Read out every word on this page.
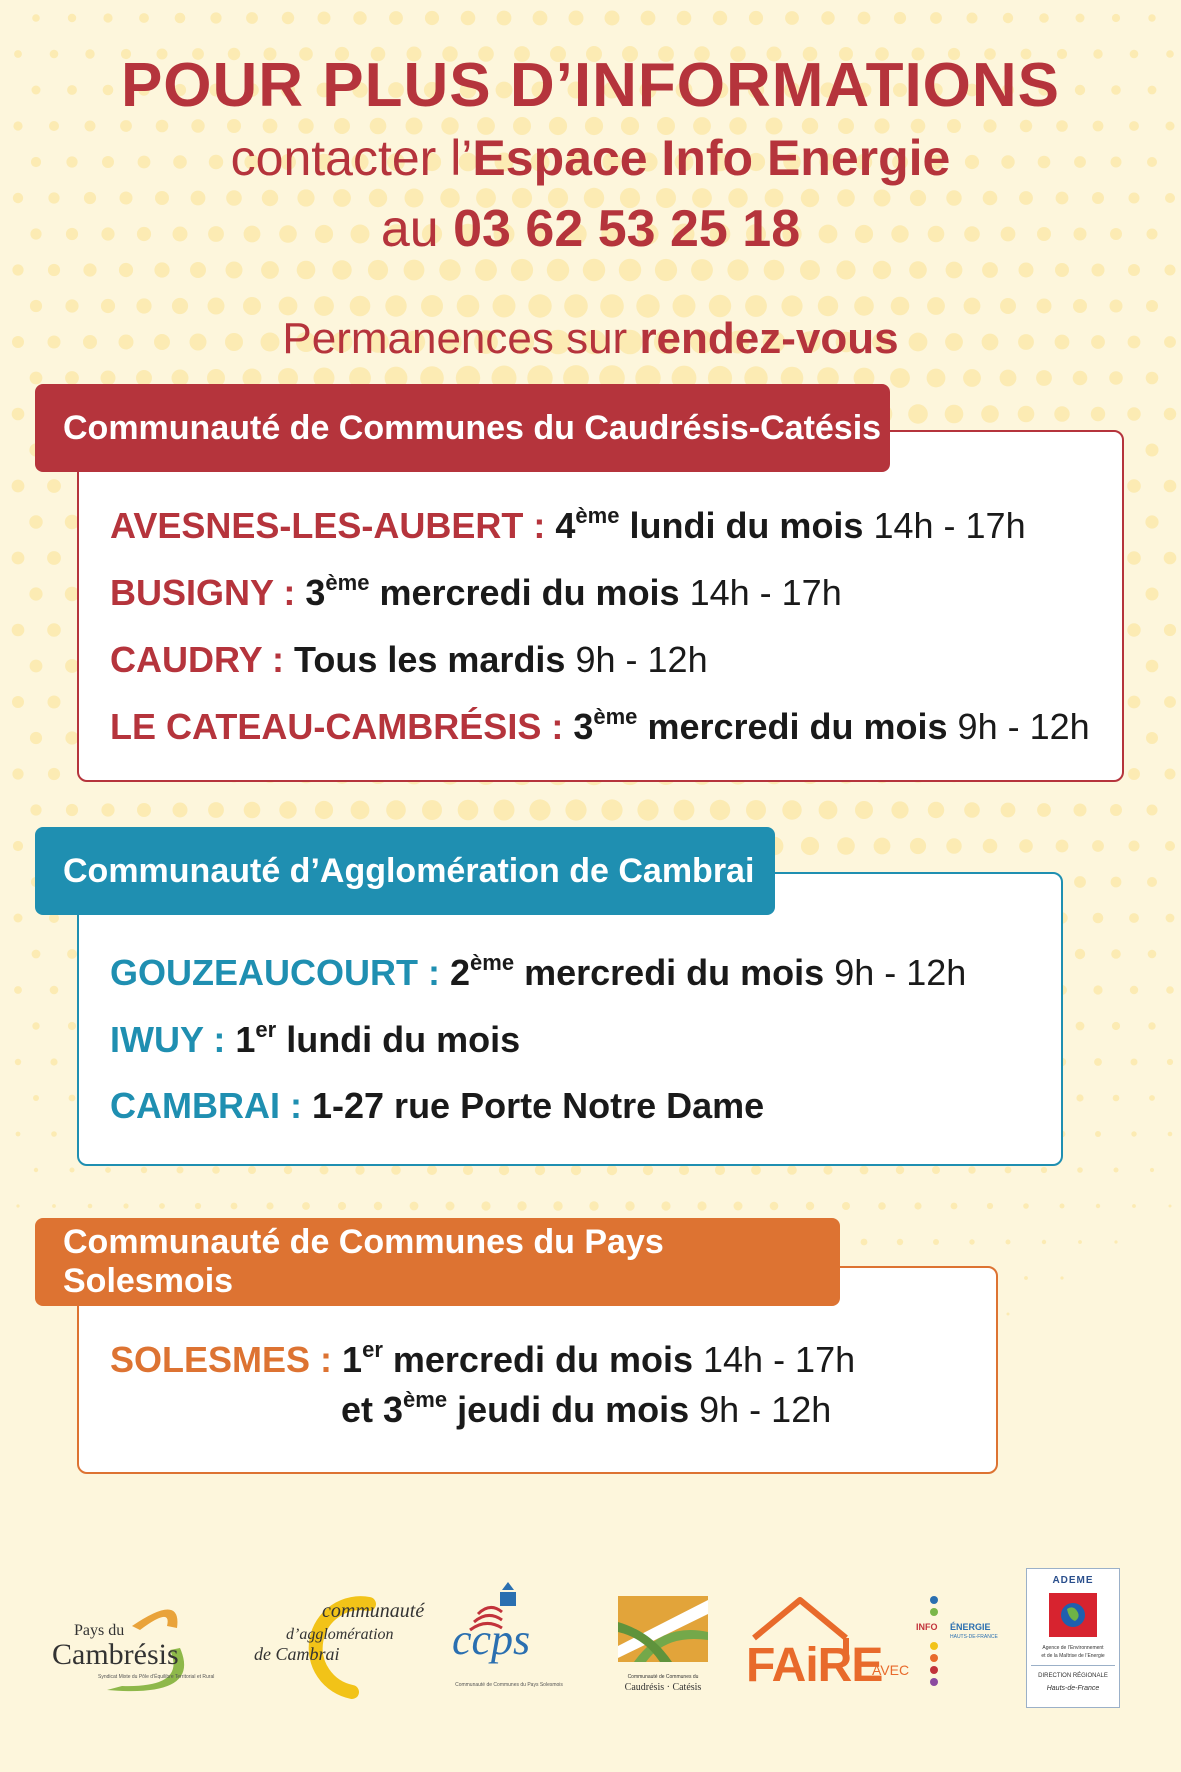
POUR PLUS D’INFORMATIONS
contacter l’Espace Info Energie
au 03 62 53 25 18
Permanences sur rendez-vous
Communauté de Communes du Caudrésis-Catésis
AVESNES-LES-AUBERT : 4ème lundi du mois 14h - 17h
BUSIGNY : 3ème mercredi du mois 14h - 17h
CAUDRY : Tous les mardis 9h - 12h
LE CATEAU-CAMBRÉSIS : 3ème mercredi du mois 9h - 12h
Communauté d’Agglomération de Cambrai
GOUZEAUCOURT : 2ème mercredi du mois 9h - 12h
IWUY : 1er lundi du mois
CAMBRAI : 1-27 rue Porte Notre Dame
Communauté de Communes du Pays Solesmois
SOLESMES : 1er mercredi du mois 14h - 17h
et 3ème jeudi du mois 9h - 12h
Pays du
Cambrésis
Syndicat Mixte du Pôle d’Équilibre Territorial et Rural
communauté
d’agglomération
de Cambrai	ccps
Communauté de Communes du Pays Solesmois
Communauté de Communes du
Caudrésis · Catésis FAiRE
AVEC
INFO ÉNERGIE
HAUTS-DE-FRANCE
ADEME
Agence de l’Environnement
et de la Maîtrise de l’Energie
DIRECTION RÉGIONALE
Hauts-de-France
